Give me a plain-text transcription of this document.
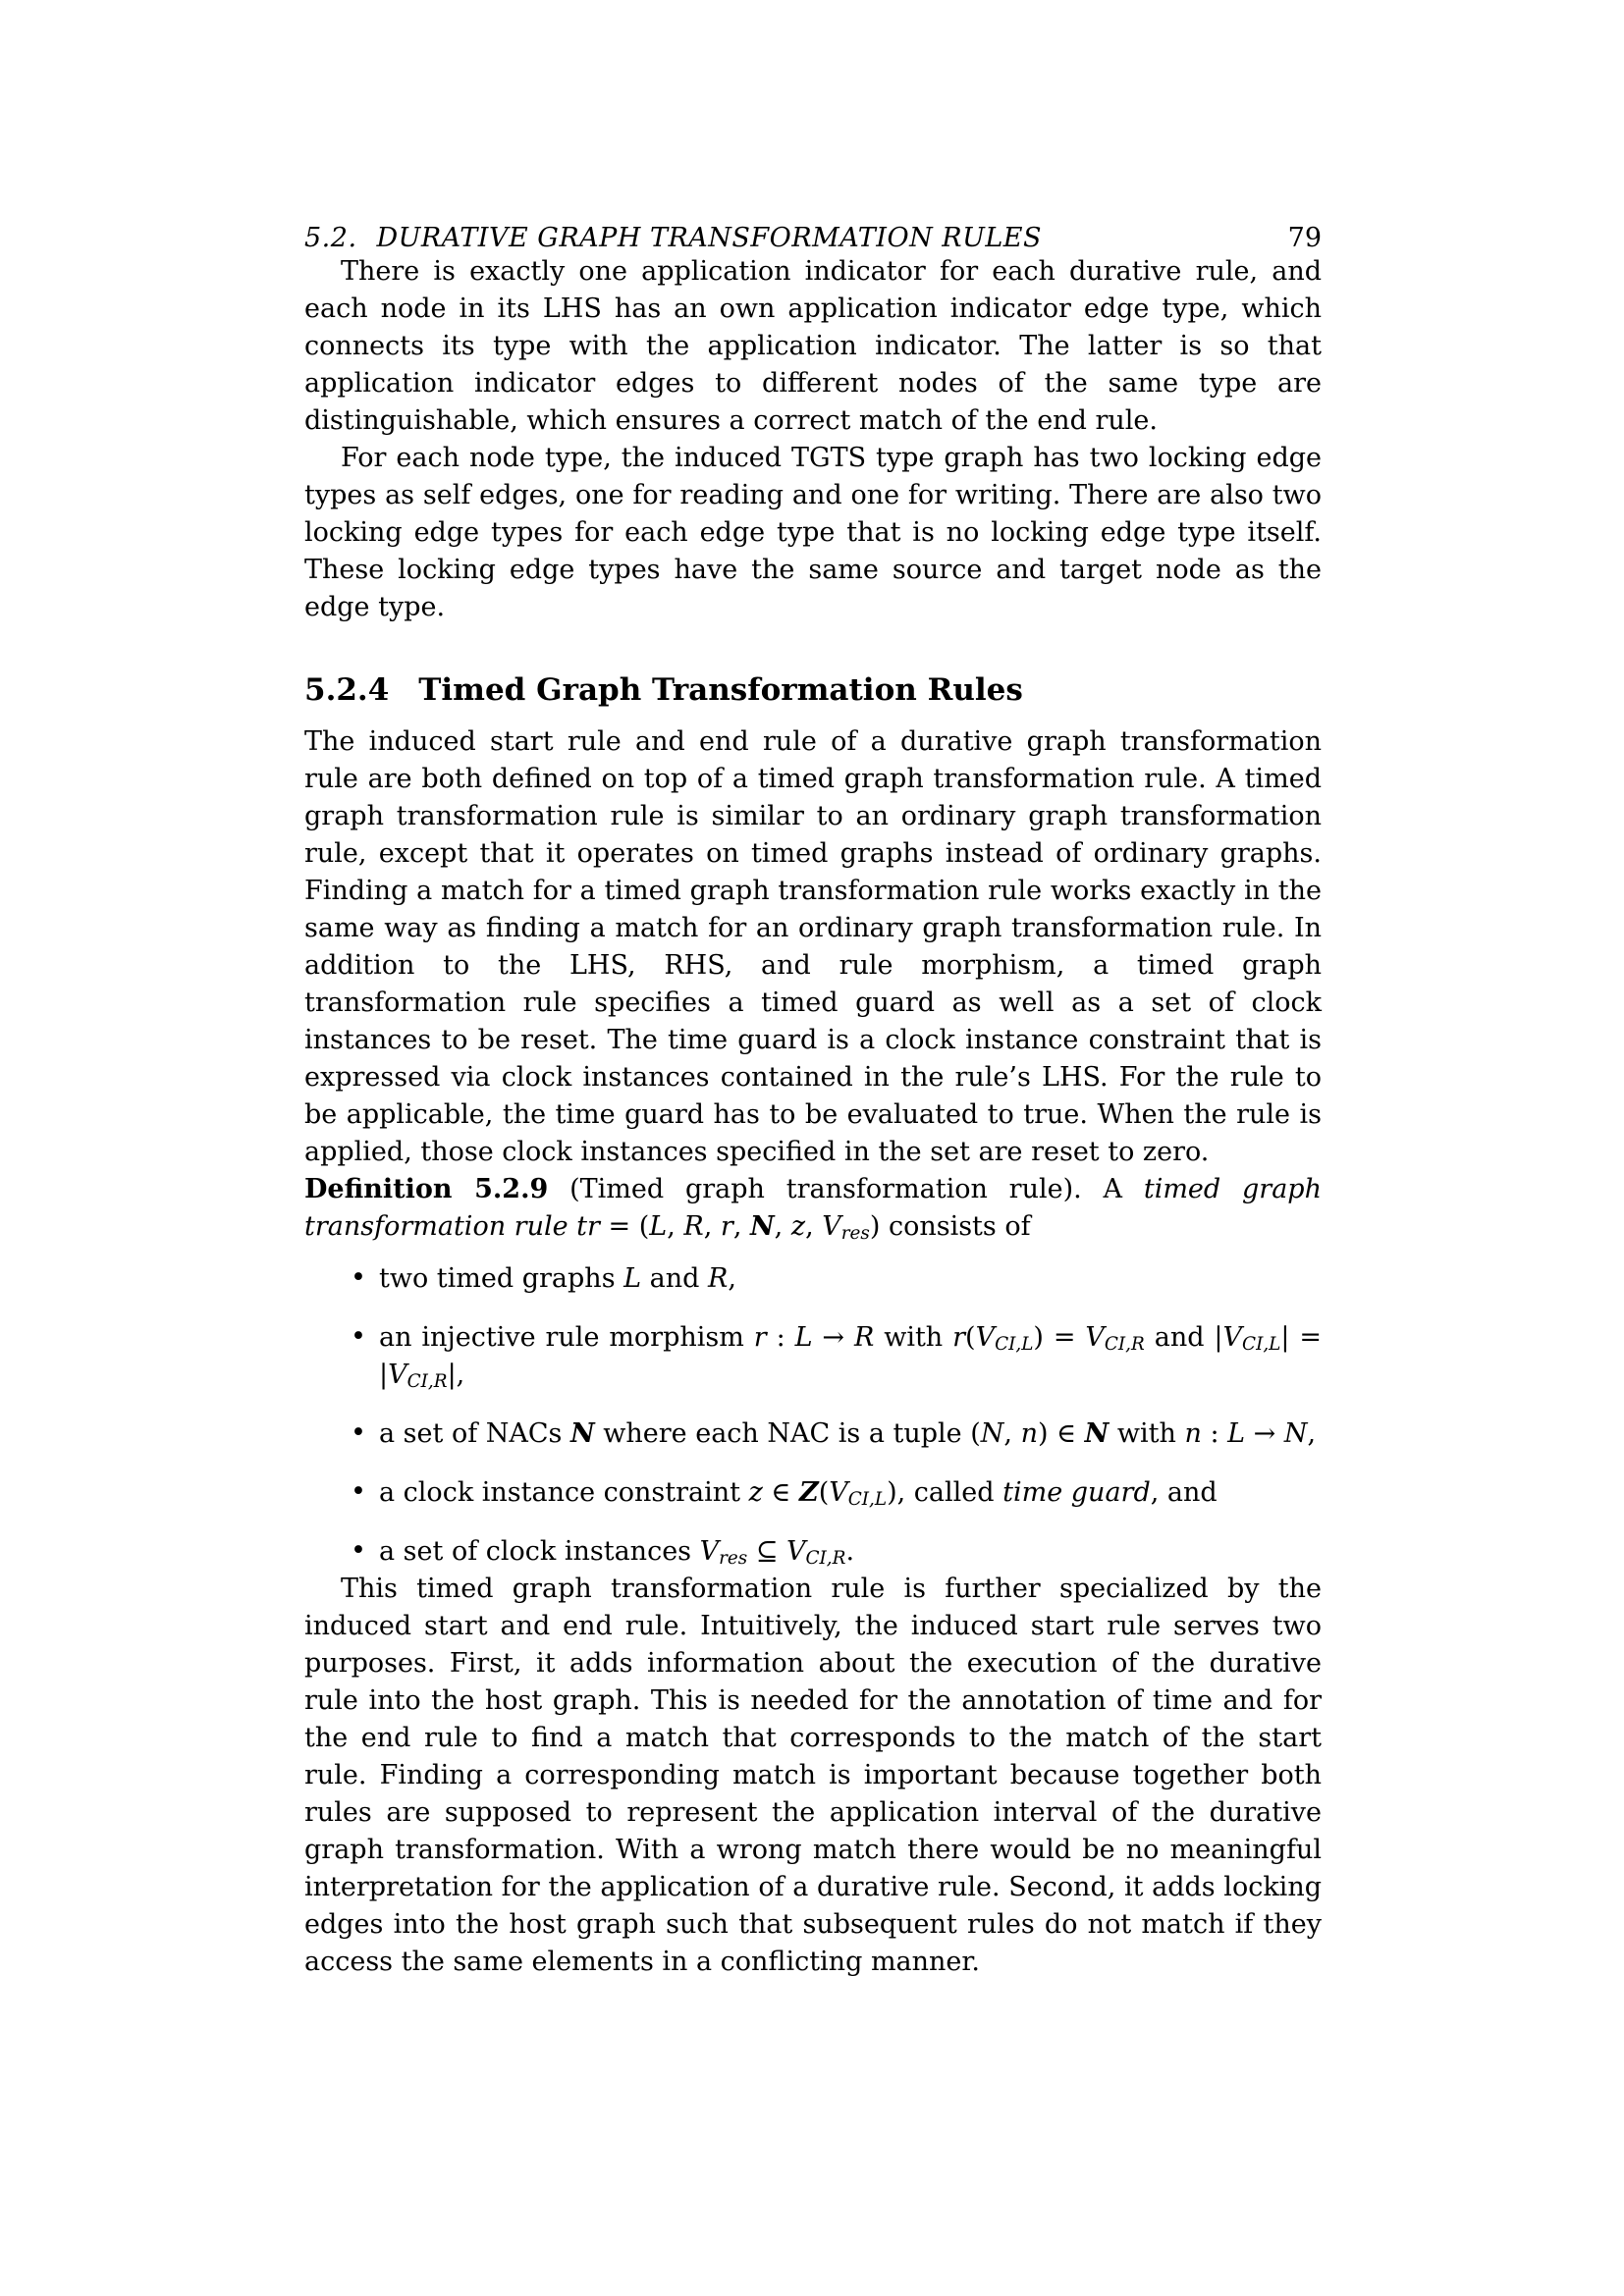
5.2. DURATIVE GRAPH TRANSFORMATION RULES	79

There is exactly one application indicator for each durative rule, and each node in its LHS has an own application indicator edge type, which connects its type with the application indicator. The latter is so that application indicator edges to different nodes of the same type are distinguishable, which ensures a correct match of the end rule.

For each node type, the induced TGTS type graph has two locking edge types as self edges, one for reading and one for writing. There are also two locking edge types for each edge type that is no locking edge type itself. These locking edge types have the same source and target node as the edge type.

5.2.4 Timed Graph Transformation Rules

The induced start rule and end rule of a durative graph transformation rule are both defined on top of a timed graph transformation rule. A timed graph transformation rule is similar to an ordinary graph transformation rule, except that it operates on timed graphs instead of ordinary graphs. Finding a match for a timed graph transformation rule works exactly in the same way as finding a match for an ordinary graph transformation rule. In addition to the LHS, RHS, and rule morphism, a timed graph transformation rule specifies a timed guard as well as a set of clock instances to be reset. The time guard is a clock instance constraint that is expressed via clock instances contained in the rule’s LHS. For the rule to be applicable, the time guard has to be evaluated to true. When the rule is applied, those clock instances specified in the set are reset to zero.

Definition 5.2.9 (Timed graph transformation rule). A timed graph transformation rule tr = (L, R, r, N, z, Vres) consists of

• two timed graphs L and R,
• an injective rule morphism r : L → R with r(VCI,L) = VCI,R and |VCI,L| = |VCI,R|,
• a set of NACs N where each NAC is a tuple (N, n) ∈ N with n : L → N,
• a clock instance constraint z ∈ Z(VCI,L), called time guard, and
• a set of clock instances Vres ⊆ VCI,R.

This timed graph transformation rule is further specialized by the induced start and end rule. Intuitively, the induced start rule serves two purposes. First, it adds information about the execution of the durative rule into the host graph. This is needed for the annotation of time and for the end rule to find a match that corresponds to the match of the start rule. Finding a corresponding match is important because together both rules are supposed to represent the application interval of the durative graph transformation. With a wrong match there would be no meaningful interpretation for the application of a durative rule. Second, it adds locking edges into the host graph such that subsequent rules do not match if they access the same elements in a conflicting manner.
